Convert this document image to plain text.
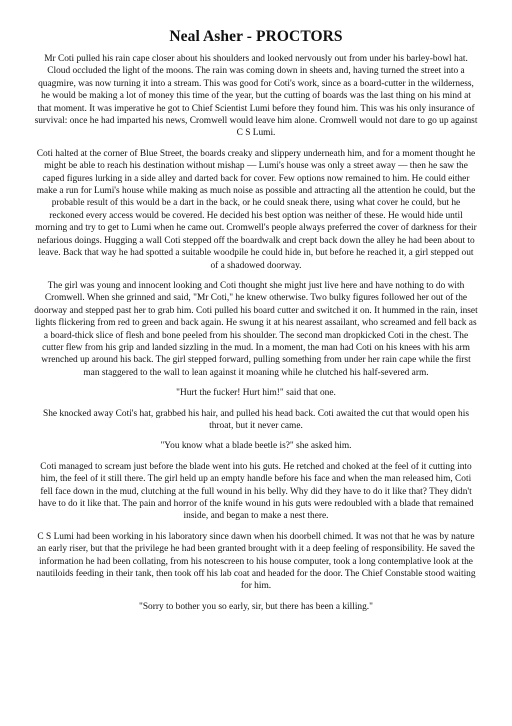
Neal Asher - PROCTORS

Mr Coti pulled his rain cape closer about his shoulders and looked nervously out from under his barley-bowl hat. Cloud occluded the light of the moons. The rain was coming down in sheets and, having turned the street into a quagmire, was now turning it into a stream. This was good for Coti's work, since as a board-cutter in the wilderness, he would be making a lot of money this time of the year, but the cutting of boards was the last thing on his mind at that moment. It was imperative he got to Chief Scientist Lumi before they found him. This was his only insurance of survival: once he had imparted his news, Cromwell would leave him alone. Cromwell would not dare to go up against C S Lumi.

Coti halted at the corner of Blue Street, the boards creaky and slippery underneath him, and for a moment thought he might be able to reach his destination without mishap — Lumi's house was only a street away — then he saw the caped figures lurking in a side alley and darted back for cover. Few options now remained to him. He could either make a run for Lumi's house while making as much noise as possible and attracting all the attention he could, but the probable result of this would be a dart in the back, or he could sneak there, using what cover he could, but he reckoned every access would be covered. He decided his best option was neither of these. He would hide until morning and try to get to Lumi when he came out. Cromwell's people always preferred the cover of darkness for their nefarious doings. Hugging a wall Coti stepped off the boardwalk and crept back down the alley he had been about to leave. Back that way he had spotted a suitable woodpile he could hide in, but before he reached it, a girl stepped out of a shadowed doorway.

The girl was young and innocent looking and Coti thought she might just live here and have nothing to do with Cromwell. When she grinned and said, "Mr Coti," he knew otherwise. Two bulky figures followed her out of the doorway and stepped past her to grab him. Coti pulled his board cutter and switched it on. It hummed in the rain, inset lights flickering from red to green and back again. He swung it at his nearest assailant, who screamed and fell back as a board-thick slice of flesh and bone peeled from his shoulder. The second man dropkicked Coti in the chest. The cutter flew from his grip and landed sizzling in the mud. In a moment, the man had Coti on his knees with his arm wrenched up around his back. The girl stepped forward, pulling something from under her rain cape while the first man staggered to the wall to lean against it moaning while he clutched his half-severed arm.

"Hurt the fucker! Hurt him!" said that one.

She knocked away Coti's hat, grabbed his hair, and pulled his head back. Coti awaited the cut that would open his throat, but it never came.

"You know what a blade beetle is?" she asked him.

Coti managed to scream just before the blade went into his guts. He retched and choked at the feel of it cutting into him, the feel of it still there. The girl held up an empty handle before his face and when the man released him, Coti fell face down in the mud, clutching at the full wound in his belly. Why did they have to do it like that? They didn't have to do it like that. The pain and horror of the knife wound in his guts were redoubled with a blade that remained inside, and began to make a nest there.

C S Lumi had been working in his laboratory since dawn when his doorbell chimed. It was not that he was by nature an early riser, but that the privilege he had been granted brought with it a deep feeling of responsibility. He saved the information he had been collating, from his notescreen to his house computer, took a long contemplative look at the nautiloids feeding in their tank, then took off his lab coat and headed for the door. The Chief Constable stood waiting for him.

"Sorry to bother you so early, sir, but there has been a killing."
